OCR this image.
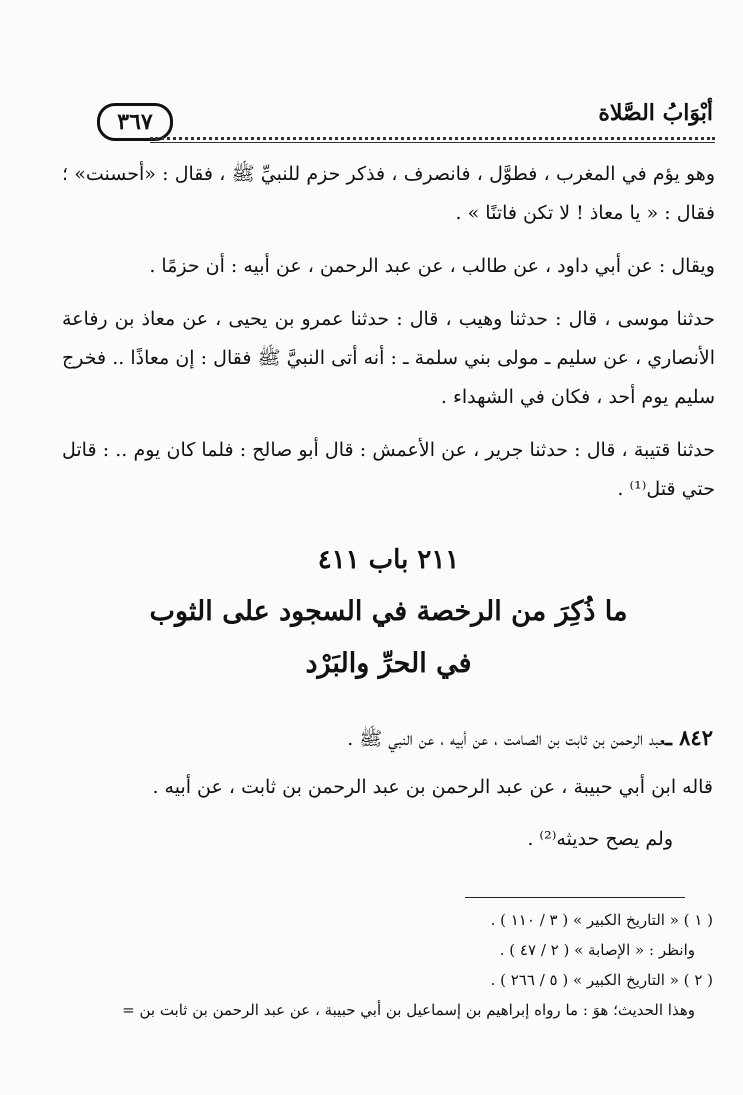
أبْوَابُ الصَّلاة
٣٦٧

وهو يؤم في المغرب ، فطوَّل ، فانصرف ، فذكر حزم للنبيِّ ﷺ ، فقال : «أحسنت» ؛ فقال : « يا معاذ ! لا تكن فاتنًا » .

ويقال : عن أبي داود ، عن طالب ، عن عبد الرحمن ، عن أبيه : أن حزمًا .

حدثنا موسى ، قال : حدثنا وهيب ، قال : حدثنا عمرو بن يحيى ، عن معاذ بن رفاعة الأنصاري ، عن سليم ـ مولى بني سلمة ـ : أنه أتى النبيَّ ﷺ فقال : إن معاذًا .. فخرج سليم يوم أحد ، فكان في الشهداء .

حدثنا قتيبة ، قال : حدثنا جرير ، عن الأعمش : قال أبو صالح : فلما كان يوم .. : قاتل حتي قتل⁽¹⁾ .

٢١١ باب ٤١١
ما ذُكِرَ من الرخصة في السجود على الثوب
في الحرِّ والبَرْد

٨٤٢ ـعبد الرحمن بن ثابت بن الصامت ، عن أبيه ، عن النبي ﷺ .

قاله ابن أبي حبيبة ، عن عبد الرحمن بن عبد الرحمن بن ثابت ، عن أبيه .

ولم يصح حديثه⁽²⁾ .

( ١ ) « التاريخ الكبير » ( ٣ / ١١٠ ) .

وانظر : « الإصابة » ( ٢ / ٤٧ ) .

( ٢ ) « التاريخ الكبير » ( ٥ / ٢٦٦ ) .

وهذا الحديث؛ هوَ : ما رواه إبراهيم بن إسماعيل بن أبي حبيبة ، عن عبد الرحمن بن ثابت بن =
